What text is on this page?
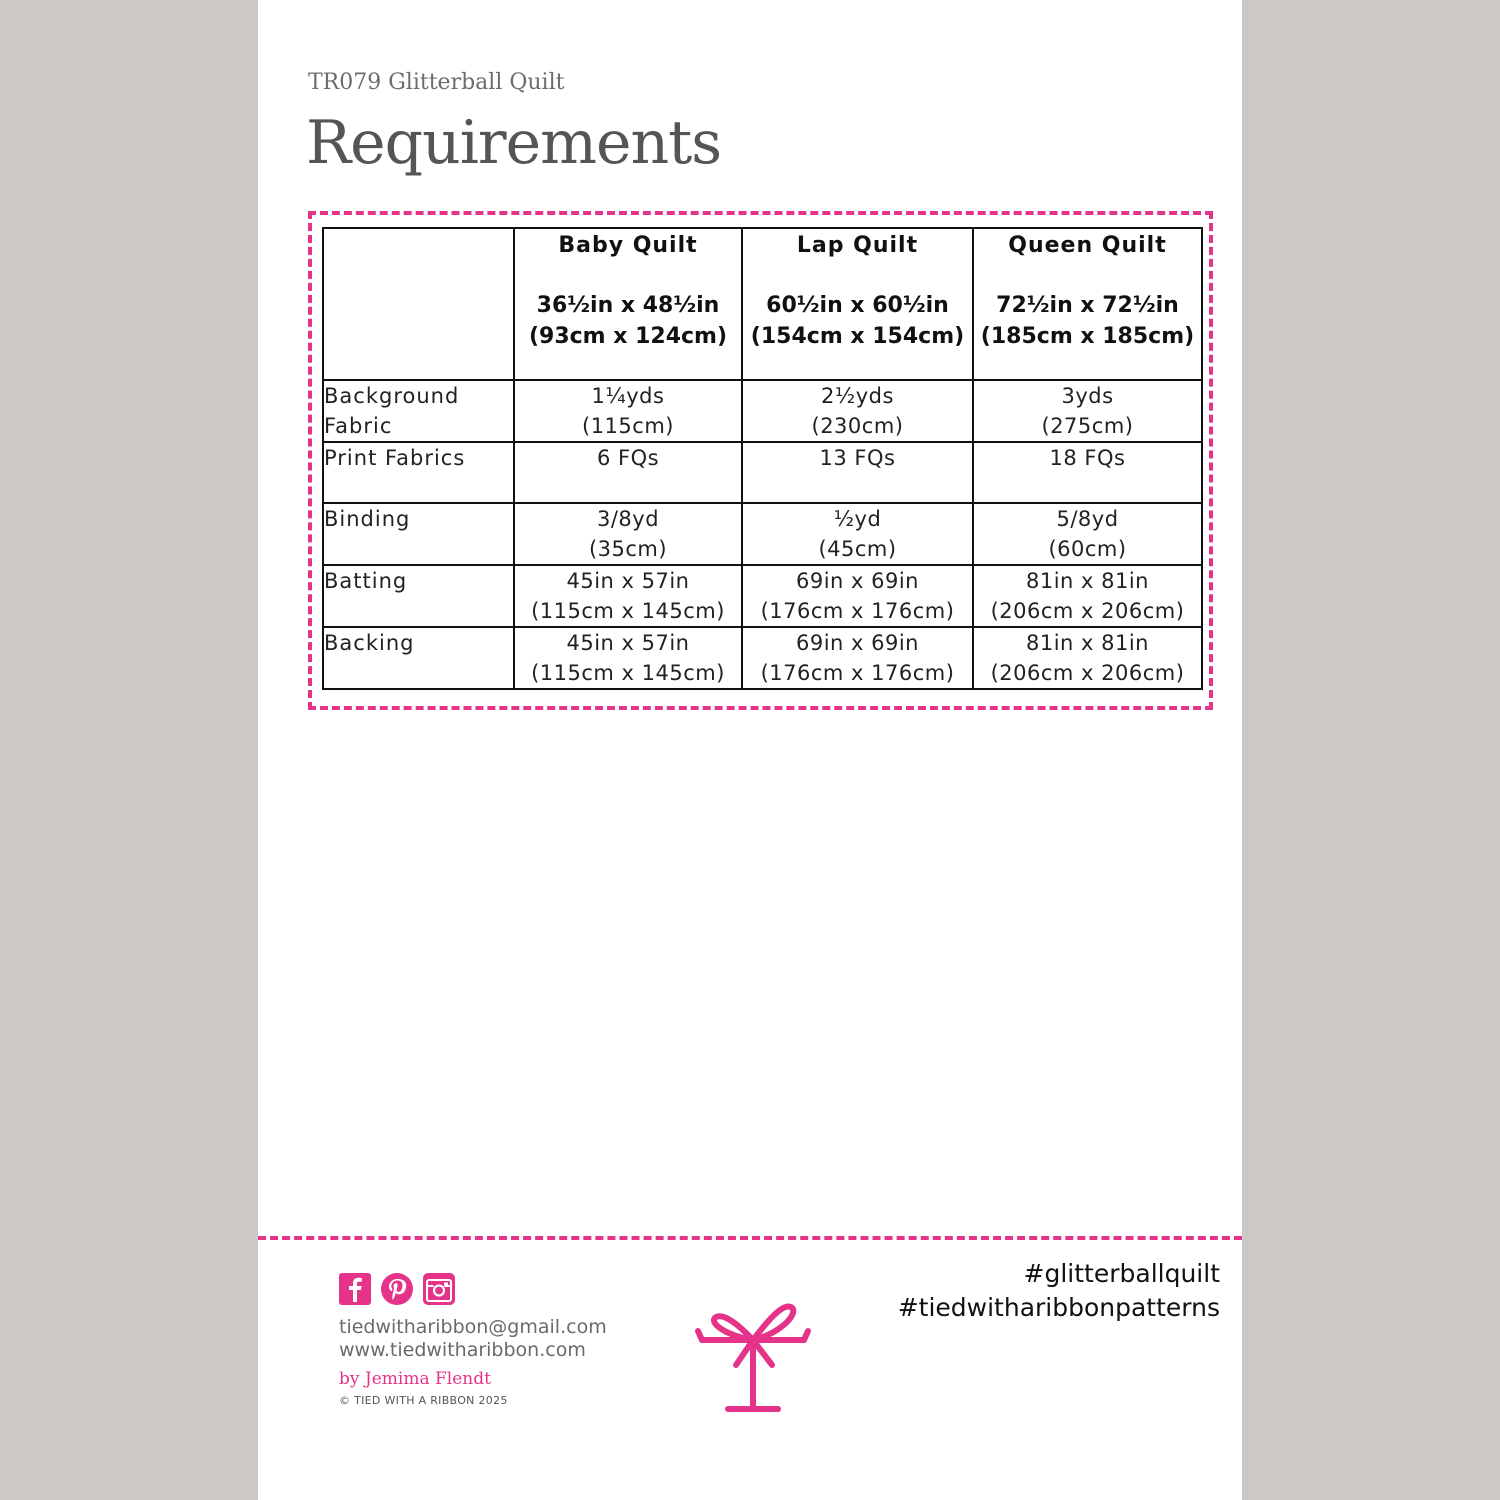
TR079 Glitterball Quilt
Requirements

	Baby Quilt
36½in x 48½in
(93cm x 124cm)	Lap Quilt
60½in x 60½in
(154cm x 154cm)	Queen Quilt
72½in x 72½in
(185cm x 185cm)

Background
Fabric	1¼yds
(115cm)	2½yds
(230cm)	3yds
(275cm)

Print Fabrics	6 FQs	13 FQs	18 FQs

Binding	3/8yd
(35cm)	½yd
(45cm)	5/8yd
(60cm)

Batting	45in x 57in
(115cm x 145cm)	69in x 69in
(176cm x 176cm)	81in x 81in
(206cm x 206cm)

Backing	45in x 57in
(115cm x 145cm)	69in x 69in
(176cm x 176cm)	81in x 81in
(206cm x 206cm)
tiedwitharibbon@gmail.com
www.tiedwitharibbon.com
by Jemima Flendt
© TIED WITH A RIBBON 2025
#glitterballquilt
#tiedwitharibbonpatterns
